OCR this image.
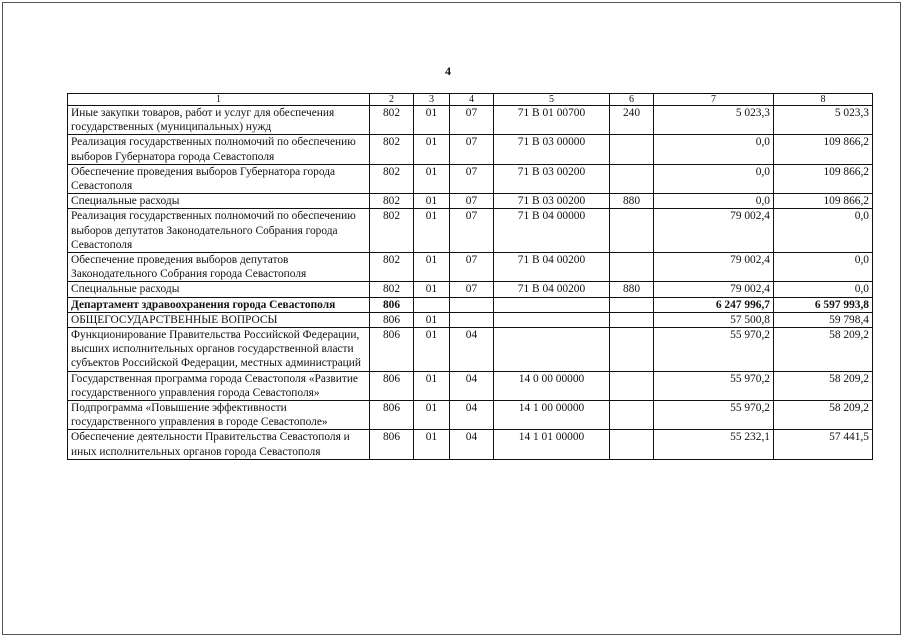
4
1	2	3	4	5	6	7	8
Иные закупки товаров, работ и услуг для обеспечения государственных (муниципальных) нужд	802	01	07	71 В 01 00700	240	5 023,3	5 023,3
Реализация государственных полномочий по обеспечению выборов Губернатора города Севастополя	802	01	07	71 В 03 00000		0,0	109 866,2
Обеспечение проведения выборов Губернатора города Севастополя	802	01	07	71 В 03 00200		0,0	109 866,2
Специальные расходы	802	01	07	71 В 03 00200	880	0,0	109 866,2
Реализация государственных полномочий по обеспечению выборов депутатов Законодательного Собрания города Севастополя	802	01	07	71 В 04 00000		79 002,4	0,0
Обеспечение проведения выборов депутатов Законодательного Собрания города Севастополя	802	01	07	71 В 04 00200		79 002,4	0,0
Специальные расходы	802	01	07	71 В 04 00200	880	79 002,4	0,0
Департамент здравоохранения города Севастополя	806					6 247 996,7	6 597 993,8
ОБЩЕГОСУДАРСТВЕННЫЕ ВОПРОСЫ	806	01				57 500,8	59 798,4
Функционирование Правительства Российской Федерации, высших исполнительных органов государственной власти субъектов Российской Федерации, местных администраций	806	01	04			55 970,2	58 209,2
Государственная программа города Севастополя «Развитие государственного управления города Севастополя»	806	01	04	14 0 00 00000		55 970,2	58 209,2
Подпрограмма «Повышение эффективности государственного управления в городе Севастополе»	806	01	04	14 1 00 00000		55 970,2	58 209,2
Обеспечение деятельности Правительства Севастополя и иных исполнительных органов города Севастополя	806	01	04	14 1 01 00000		55 232,1	57 441,5
